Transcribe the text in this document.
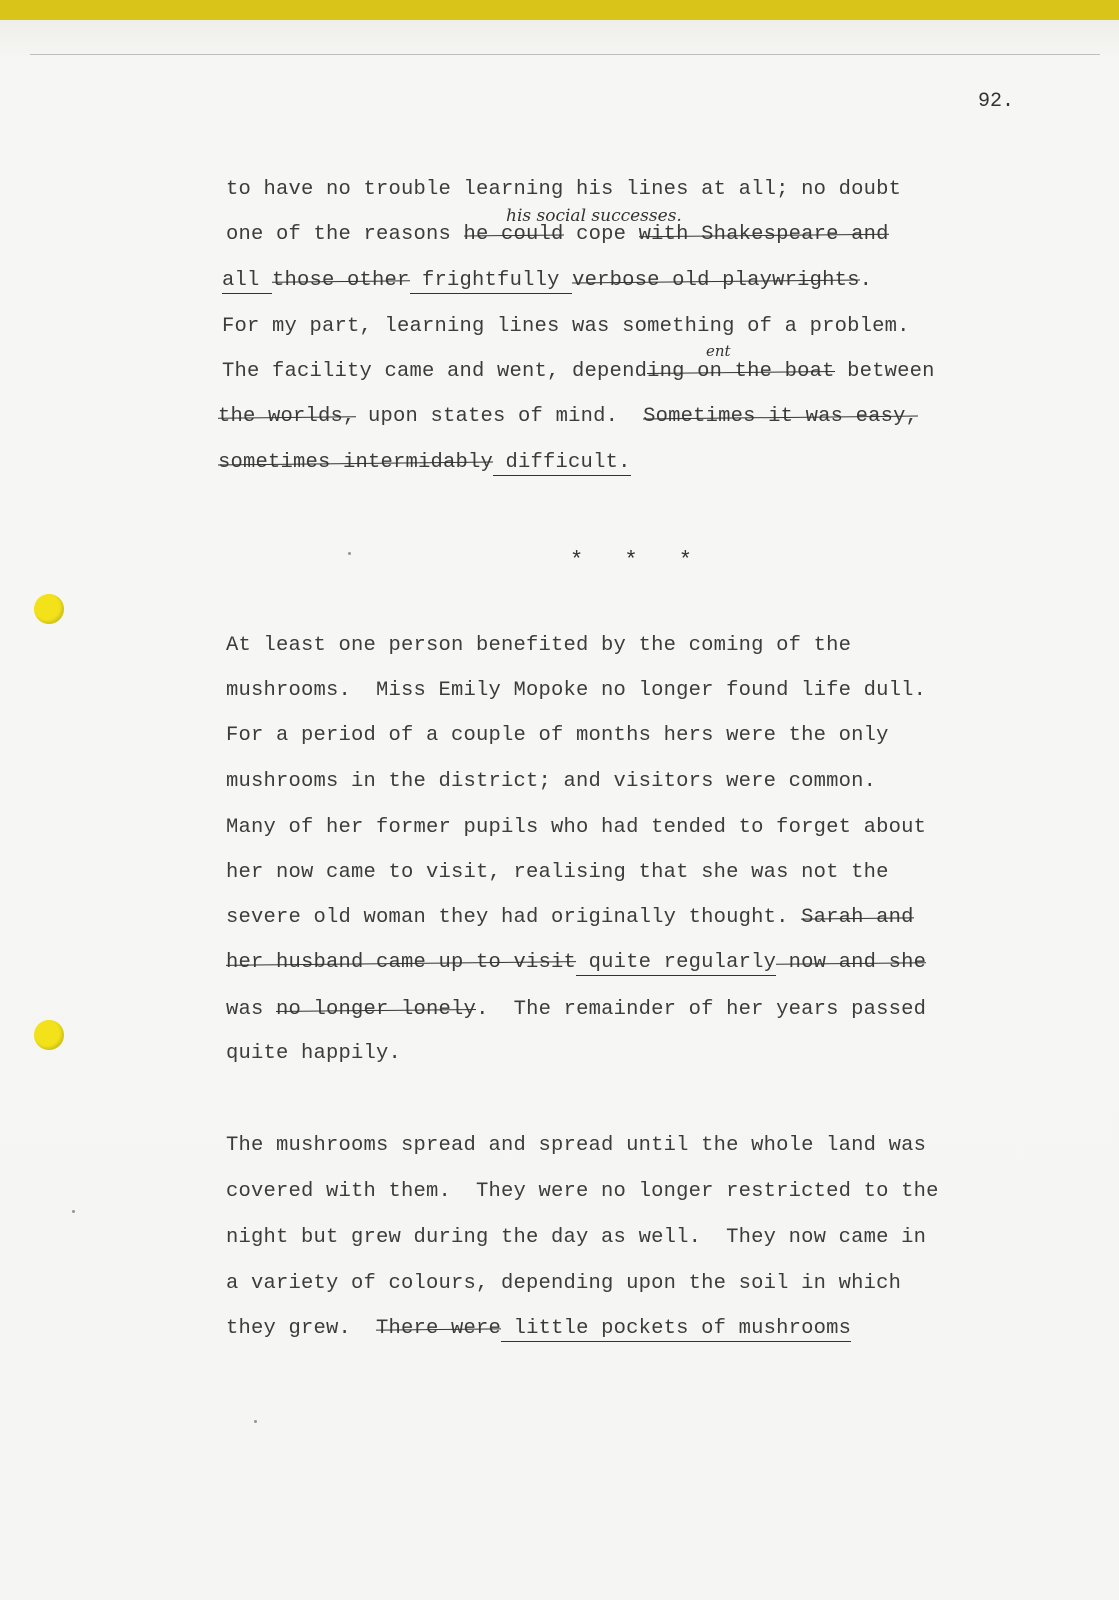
92.
his social successes.
ent
to have no trouble learning his lines at all; no doubt
one of the reasons he could cope with Shakespeare and
all those other frightfully verbose old playwrights.
For my part, learning lines was something of a problem.
The facility came and went, depending on the boat between
the worlds, upon states of mind.  Sometimes it was easy,
sometimes intermidably difficult.
* * *
At least one person benefited by the coming of the
mushrooms.  Miss Emily Mopoke no longer found life dull.
For a period of a couple of months hers were the only
mushrooms in the district; and visitors were common.
Many of her former pupils who had tended to forget about
her now came to visit, realising that she was not the
severe old woman they had originally thought. Sarah and
her husband came up to visit quite regularly now and she
was no longer lonely.  The remainder of her years passed
quite happily.
The mushrooms spread and spread until the whole land was
covered with them.  They were no longer restricted to the
night but grew during the day as well.  They now came in
a variety of colours, depending upon the soil in which
they grew.  There were little pockets of mushrooms
